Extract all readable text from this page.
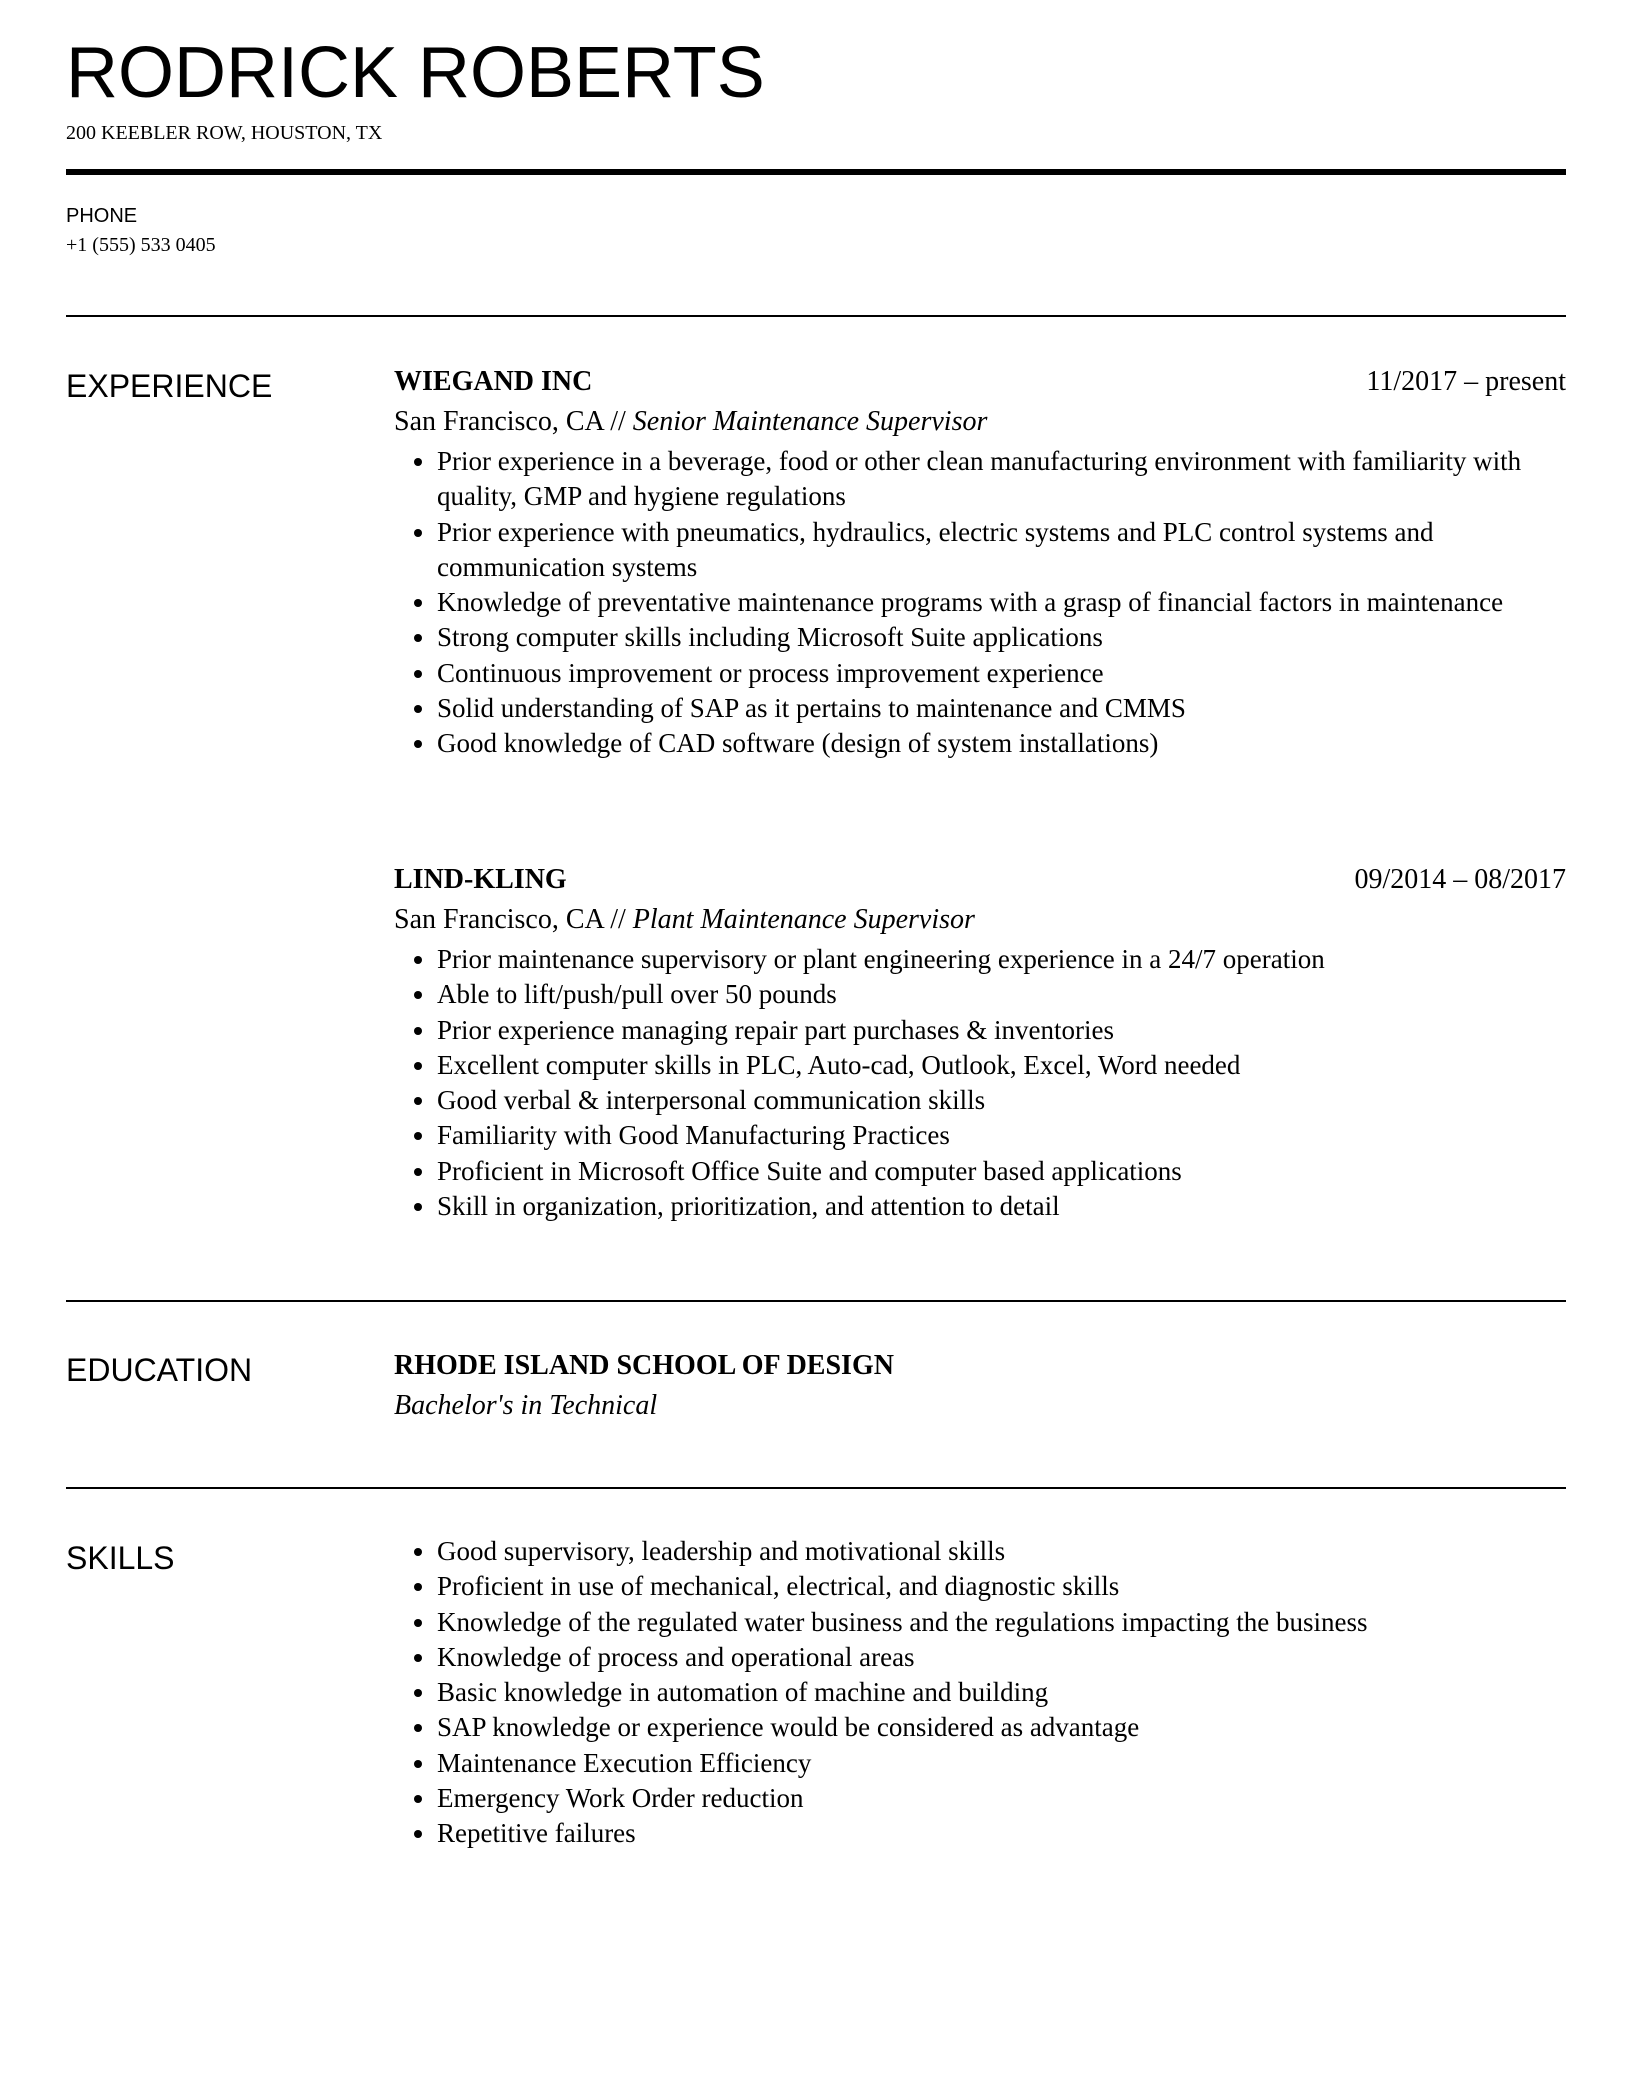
RODRICK ROBERTS
200 KEEBLER ROW, HOUSTON, TX
PHONE
+1 (555) 533 0405
EXPERIENCE	WIEGAND INC	11/2017 – present
San Francisco, CA // Senior Maintenance Supervisor
• Prior experience in a beverage, food or other clean manufacturing environment with familiarity with quality, GMP and hygiene regulations
• Prior experience with pneumatics, hydraulics, electric systems and PLC control systems and communication systems
• Knowledge of preventative maintenance programs with a grasp of financial factors in maintenance
• Strong computer skills including Microsoft Suite applications
• Continuous improvement or process improvement experience
• Solid understanding of SAP as it pertains to maintenance and CMMS
• Good knowledge of CAD software (design of system installations)
LIND-KLING	09/2014 – 08/2017
San Francisco, CA // Plant Maintenance Supervisor
• Prior maintenance supervisory or plant engineering experience in a 24/7 operation
• Able to lift/push/pull over 50 pounds
• Prior experience managing repair part purchases & inventories
• Excellent computer skills in PLC, Auto-cad, Outlook, Excel, Word needed
• Good verbal & interpersonal communication skills
• Familiarity with Good Manufacturing Practices
• Proficient in Microsoft Office Suite and computer based applications
• Skill in organization, prioritization, and attention to detail
EDUCATION	RHODE ISLAND SCHOOL OF DESIGN
Bachelor's in Technical
SKILLS
•	Good supervisory, leadership and motivational skills
• Proficient in use of mechanical, electrical, and diagnostic skills
• Knowledge of the regulated water business and the regulations impacting the business
• Knowledge of process and operational areas
• Basic knowledge in automation of machine and building
• SAP knowledge or experience would be considered as advantage
• Maintenance Execution Efficiency
• Emergency Work Order reduction
• Repetitive failures
